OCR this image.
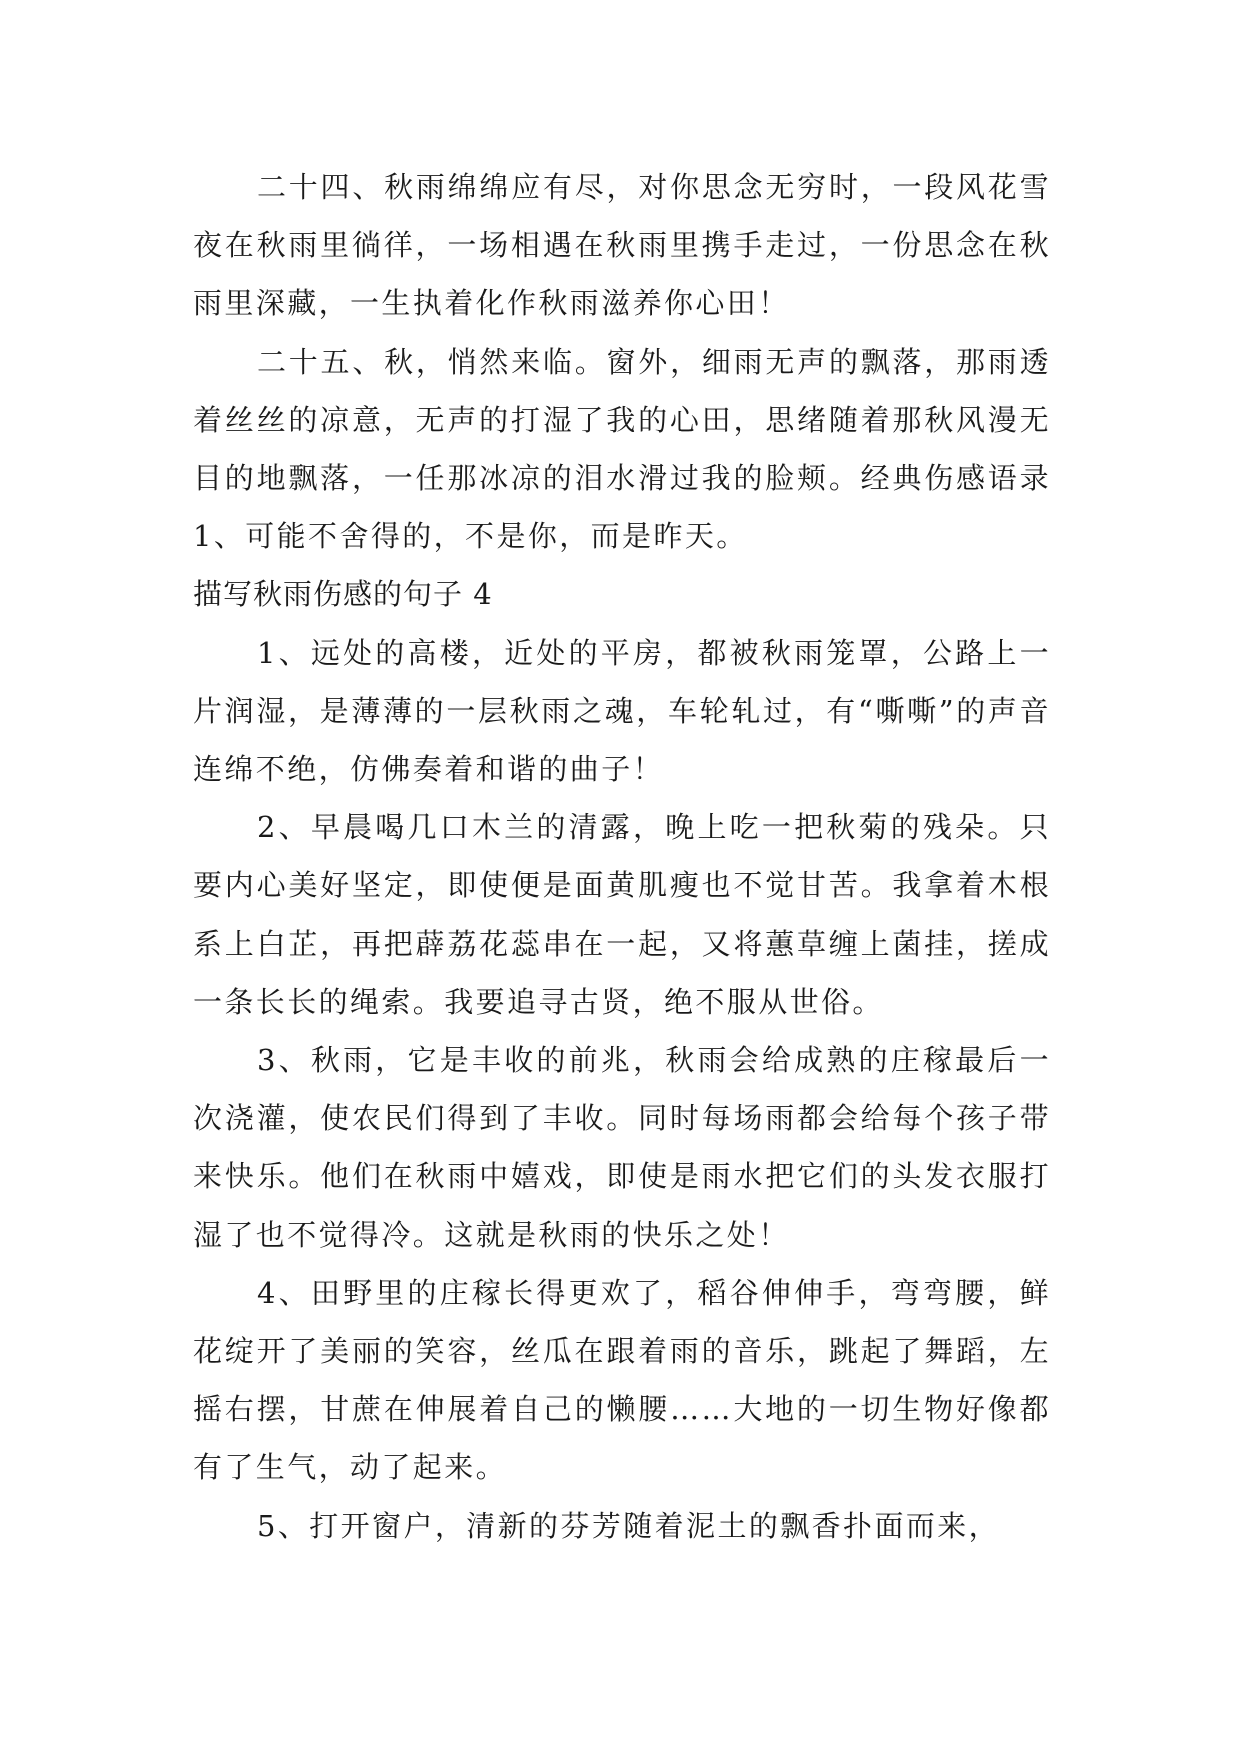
二十四、秋雨绵绵应有尽，对你思念无穷时，一段风花雪夜在秋雨里徜徉，一场相遇在秋雨里携手走过，一份思念在秋雨里深藏，一生执着化作秋雨滋养你心田！

二十五、秋，悄然来临。窗外，细雨无声的飘落，那雨透着丝丝的凉意，无声的打湿了我的心田，思绪随着那秋风漫无目的地飘落，一任那冰凉的泪水滑过我的脸颊。经典伤感语录 1、可能不舍得的，不是你，而是昨天。

描写秋雨伤感的句子 4

1、远处的高楼，近处的平房，都被秋雨笼罩，公路上一片润湿，是薄薄的一层秋雨之魂，车轮轧过，有“嘶嘶”的声音连绵不绝，仿佛奏着和谐的曲子！

2、早晨喝几口木兰的清露，晚上吃一把秋菊的残朵。只要内心美好坚定，即使便是面黄肌瘦也不觉甘苦。我拿着木根系上白芷，再把薜荔花蕊串在一起，又将蕙草缠上菌挂，搓成一条长长的绳索。我要追寻古贤，绝不服从世俗。

3、秋雨，它是丰收的前兆，秋雨会给成熟的庄稼最后一次浇灌，使农民们得到了丰收。同时每场雨都会给每个孩子带来快乐。他们在秋雨中嬉戏，即使是雨水把它们的头发衣服打湿了也不觉得冷。这就是秋雨的快乐之处！

4、田野里的庄稼长得更欢了，稻谷伸伸手，弯弯腰，鲜花绽开了美丽的笑容，丝瓜在跟着雨的音乐，跳起了舞蹈，左摇右摆，甘蔗在伸展着自己的懒腰……大地的一切生物好像都有了生气，动了起来。

5、打开窗户，清新的芬芳随着泥土的飘香扑面而来，
